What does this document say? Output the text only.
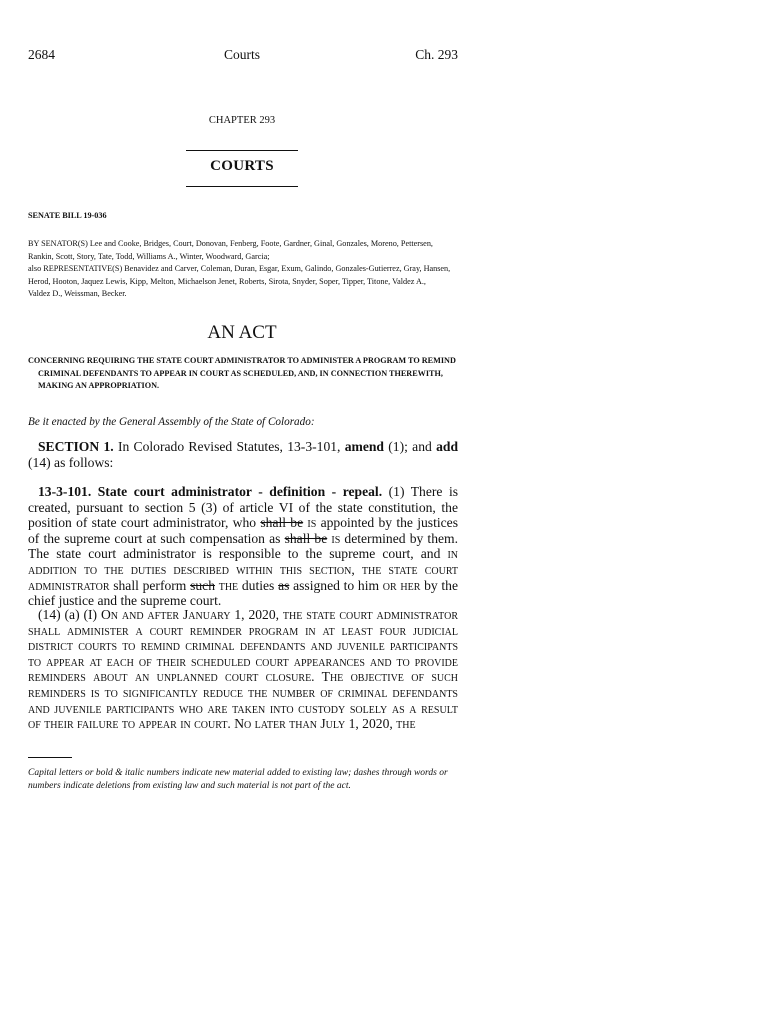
2684	Courts	Ch. 293
CHAPTER 293
COURTS
SENATE BILL 19-036
BY SENATOR(S) Lee and Cooke, Bridges, Court, Donovan, Fenberg, Foote, Gardner, Ginal, Gonzales, Moreno, Pettersen,
Rankin, Scott, Story, Tate, Todd, Williams A., Winter, Woodward, Garcia;
also REPRESENTATIVE(S) Benavidez and Carver, Coleman, Duran, Esgar, Exum, Galindo, Gonzales-Gutierrez, Gray, Hansen,
Herod, Hooton, Jaquez Lewis, Kipp, Melton, Michaelson Jenet, Roberts, Sirota, Snyder, Soper, Tipper, Titone, Valdez A.,
Valdez D., Weissman, Becker.
AN ACT
CONCERNING REQUIRING THE STATE COURT ADMINISTRATOR TO ADMINISTER A PROGRAM TO REMIND CRIMINAL DEFENDANTS TO APPEAR IN COURT AS SCHEDULED, AND, IN CONNECTION THEREWITH, MAKING AN APPROPRIATION.
Be it enacted by the General Assembly of the State of Colorado:
SECTION 1. In Colorado Revised Statutes, 13-3-101, amend (1); and add (14) as follows:
13-3-101. State court administrator - definition - repeal. (1) There is created, pursuant to section 5 (3) of article VI of the state constitution, the position of state court administrator, who shall be is appointed by the justices of the supreme court at such compensation as shall be is determined by them. The state court administrator is responsible to the supreme court, and in addition to the duties described within this section, the state court administrator shall perform such the duties as assigned to him or her by the chief justice and the supreme court.
(14) (a) (I) On and after January 1, 2020, the state court administrator shall administer a court reminder program in at least four judicial district courts to remind criminal defendants and juvenile participants to appear at each of their scheduled court appearances and to provide reminders about an unplanned court closure. The objective of such reminders is to significantly reduce the number of criminal defendants and juvenile participants who are taken into custody solely as a result of their failure to appear in court. No later than July 1, 2020, the
Capital letters or bold & italic numbers indicate new material added to existing law; dashes through words or numbers indicate deletions from existing law and such material is not part of the act.
